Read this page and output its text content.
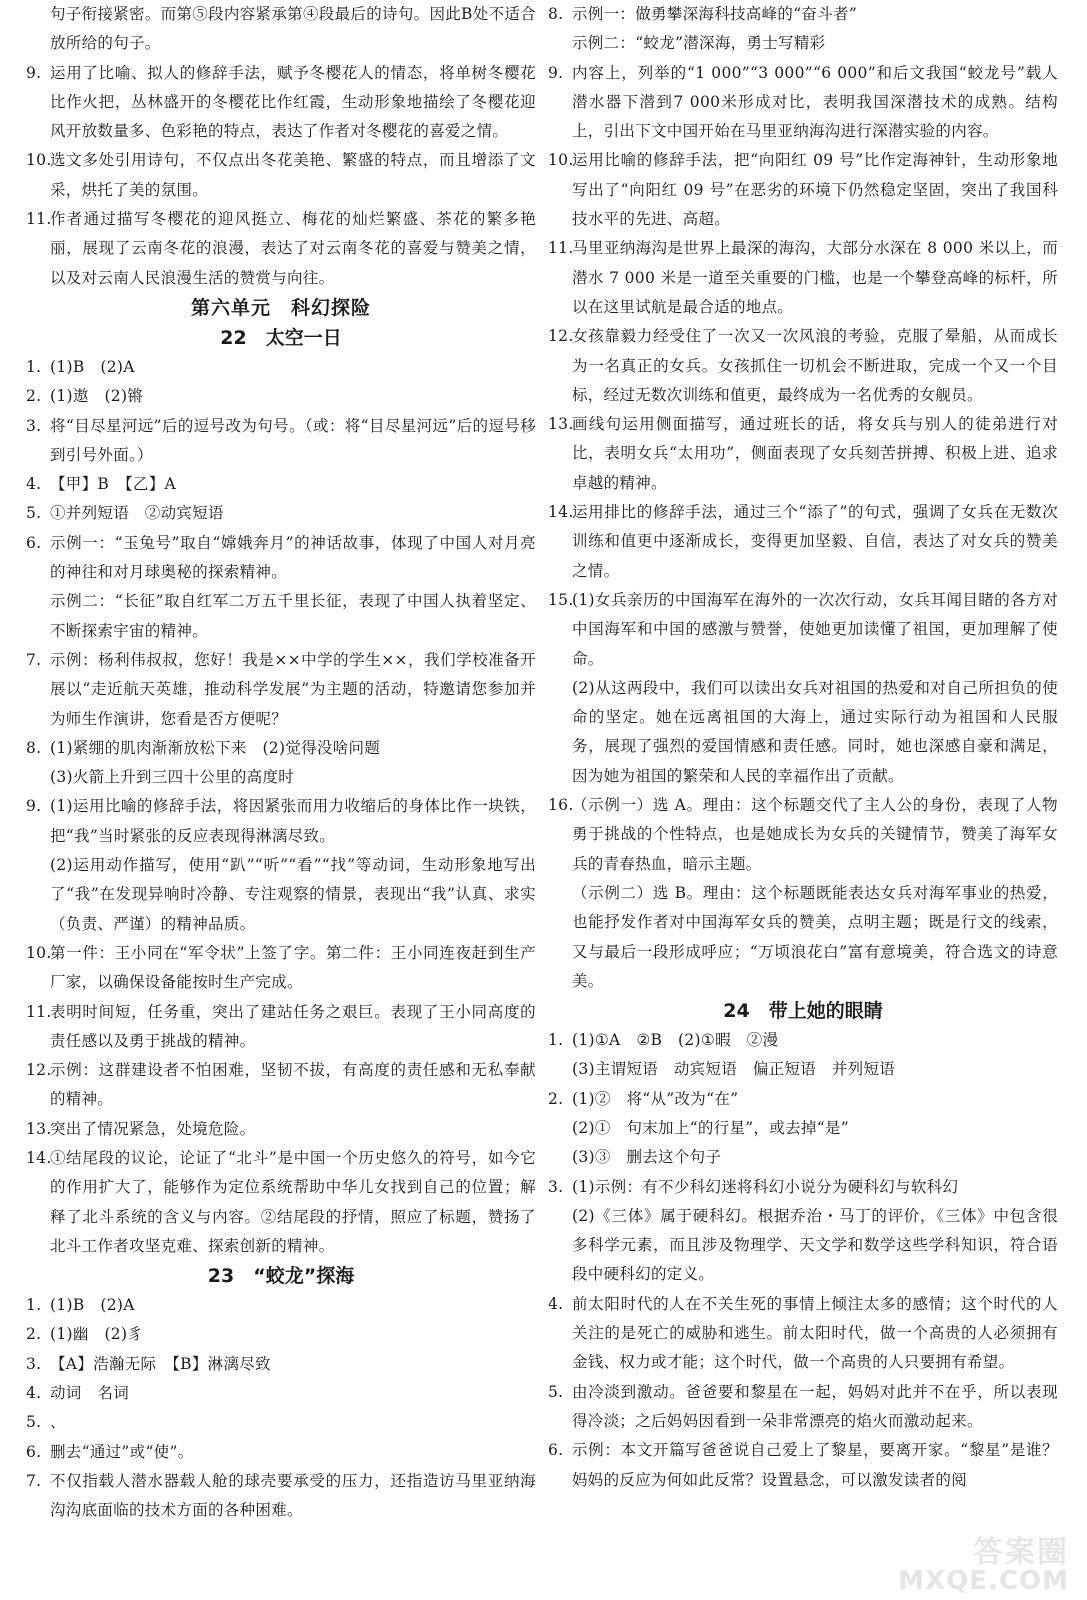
句子衔接紧密。而第⑤段内容紧承第④段最后的诗句。因此B处不适合放所给的句子。
9. 运用了比喻、拟人的修辞手法，赋予冬樱花人的情态，将单树冬樱花比作火把，丛林盛开的冬樱花比作红霞，生动形象地描绘了冬樱花迎风开放数量多、色彩艳的特点，表达了作者对冬樱花的喜爱之情。
10.
选文多处引用诗句，不仅点出冬花美艳、繁盛的特点，而且增添了文采，烘托了美的氛围。
11.
作者通过描写冬樱花的迎风挺立、梅花的灿烂繁盛、茶花的繁多艳丽，展现了云南冬花的浪漫，表达了对云南冬花的喜爱与赞美之情，以及对云南人民浪漫生活的赞赏与向往。
第六单元　科幻探险
22　太空一日
1. (1)B　(2)A
2. (1)遨　(2)锵
3. 将“目尽星河远”后的逗号改为句号。（或：将“目尽星河远”后的逗号移到引号外面。）
4. 【甲】B　【乙】A
5. ①并列短语　②动宾短语
6. 示例一：“玉兔号”取自“嫦娥奔月”的神话故事，体现了中国人对月亮的神往和对月球奥秘的探索精神。
示例二：“长征”取自红军二万五千里长征，表现了中国人执着坚定、不断探索宇宙的精神。
7. 示例：杨利伟叔叔，您好！我是××中学的学生××，我们学校准备开展以“走近航天英雄，推动科学发展”为主题的活动，特邀请您参加并为师生作演讲，您看是否方便呢？
8. (1)紧绷的肌肉渐渐放松下来　(2)觉得没啥问题
(3)火箭上升到三四十公里的高度时
9. (1)运用比喻的修辞手法，将因紧张而用力收缩后的身体比作一块铁，把“我”当时紧张的反应表现得淋漓尽致。
(2)运用动作描写，使用“趴”“听”“看”“找”等动词，生动形象地写出了“我”在发现异响时冷静、专注观察的情景，表现出“我”认真、求实（负责、严谨）的精神品质。
10.
第一件：王小同在“军令状”上签了字。第二件：王小同连夜赶到生产厂家，以确保设备能按时生产完成。
11.
表明时间短，任务重，突出了建站任务之艰巨。表现了王小同高度的责任感以及勇于挑战的精神。
12.
示例：这群建设者不怕困难，坚韧不拔，有高度的责任感和无私奉献的精神。
13.
突出了情况紧急，处境危险。
14.
①结尾段的议论，论证了“北斗”是中国一个历史悠久的符号，如今它的作用扩大了，能够作为定位系统帮助中华儿女找到自己的位置；解释了北斗系统的含义与内容。②结尾段的抒情，照应了标题，赞扬了北斗工作者攻坚克难、探索创新的精神。
23　“蛟龙”探海
1. (1)B　(2)A
2. (1)幽　(2)豸
3. 【A】浩瀚无际　【B】淋漓尽致
4. 动词　名词
5. 、
6. 删去“通过”或“使”。
7. 不仅指载人潜水器载人舱的球壳要承受的压力，还指造访马里亚纳海沟沟底面临的技术方面的各种困难。
8. 示例一：做勇攀深海科技高峰的“奋斗者”
示例二：“蛟龙”潜深海，勇士写精彩
9. 内容上，列举的“1 000”“3 000”“6 000”和后文我国“蛟龙号”载人潜水器下潜到7 000米形成对比，表明我国深潜技术的成熟。结构上，引出下文中国开始在马里亚纳海沟进行深潜实验的内容。
10.
运用比喻的修辞手法，把“向阳红 09 号”比作定海神针，生动形象地写出了“向阳红 09 号”在恶劣的环境下仍然稳定坚固，突出了我国科技水平的先进、高超。
11.
马里亚纳海沟是世界上最深的海沟，大部分水深在 8 000 米以上，而潜水 7 000 米是一道至关重要的门槛，也是一个攀登高峰的标杆，所以在这里试航是最合适的地点。
12.
女孩靠毅力经受住了一次又一次风浪的考验，克服了晕船，从而成长为一名真正的女兵。女孩抓住一切机会不断进取，完成一个又一个目标，经过无数次训练和值更，最终成为一名优秀的女舰员。
13.
画线句运用侧面描写，通过班长的话，将女兵与别人的徒弟进行对比，表明女兵“太用功”，侧面表现了女兵刻苦拼搏、积极上进、追求卓越的精神。
14.
运用排比的修辞手法，通过三个“添了”的句式，强调了女兵在无数次训练和值更中逐渐成长，变得更加坚毅、自信，表达了对女兵的赞美之情。
15.
(1)女兵亲历的中国海军在海外的一次次行动，女兵耳闻目睹的各方对中国海军和中国的感激与赞誉，使她更加读懂了祖国，更加理解了使命。
(2)从这两段中，我们可以读出女兵对祖国的热爱和对自己所担负的使命的坚定。她在远离祖国的大海上，通过实际行动为祖国和人民服务，展现了强烈的爱国情感和责任感。同时，她也深感自豪和满足，因为她为祖国的繁荣和人民的幸福作出了贡献。
16.
（示例一）选 A。理由：这个标题交代了主人公的身份，表现了人物勇于挑战的个性特点，也是她成长为女兵的关键情节，赞美了海军女兵的青春热血，暗示主题。
（示例二）选 B。理由：这个标题既能表达女兵对海军事业的热爱，也能抒发作者对中国海军女兵的赞美，点明主题；既是行文的线索，又与最后一段形成呼应；“万顷浪花白”富有意境美，符合选文的诗意美。
24　带上她的眼睛
1. (1)①A　②B　(2)①暇　②漫
(3)主谓短语　动宾短语　偏正短语　并列短语
2. (1)②　将“从”改为“在”
(2)①　句末加上“的行星”，或去掉“是”
(3)③　删去这个句子
3. (1)示例：有不少科幻迷将科幻小说分为硬科幻与软科幻
(2)《三体》属于硬科幻。根据乔治・马丁的评价，《三体》中包含很多科学元素，而且涉及物理学、天文学和数学这些学科知识，符合语段中硬科幻的定义。
4. 前太阳时代的人在不关生死的事情上倾注太多的感情；这个时代的人关注的是死亡的威胁和逃生。前太阳时代，做一个高贵的人必须拥有金钱、权力或才能；这个时代，做一个高贵的人只要拥有希望。
5. 由冷淡到激动。爸爸要和黎星在一起，妈妈对此并不在乎，所以表现得冷淡；之后妈妈因看到一朵非常漂亮的焰火而激动起来。
6. 示例：本文开篇写爸爸说自己爱上了黎星，要离开家。“黎星”是谁？妈妈的反应为何如此反常？设置悬念，可以激发读者的阅
答案圈
MXQE.COM
